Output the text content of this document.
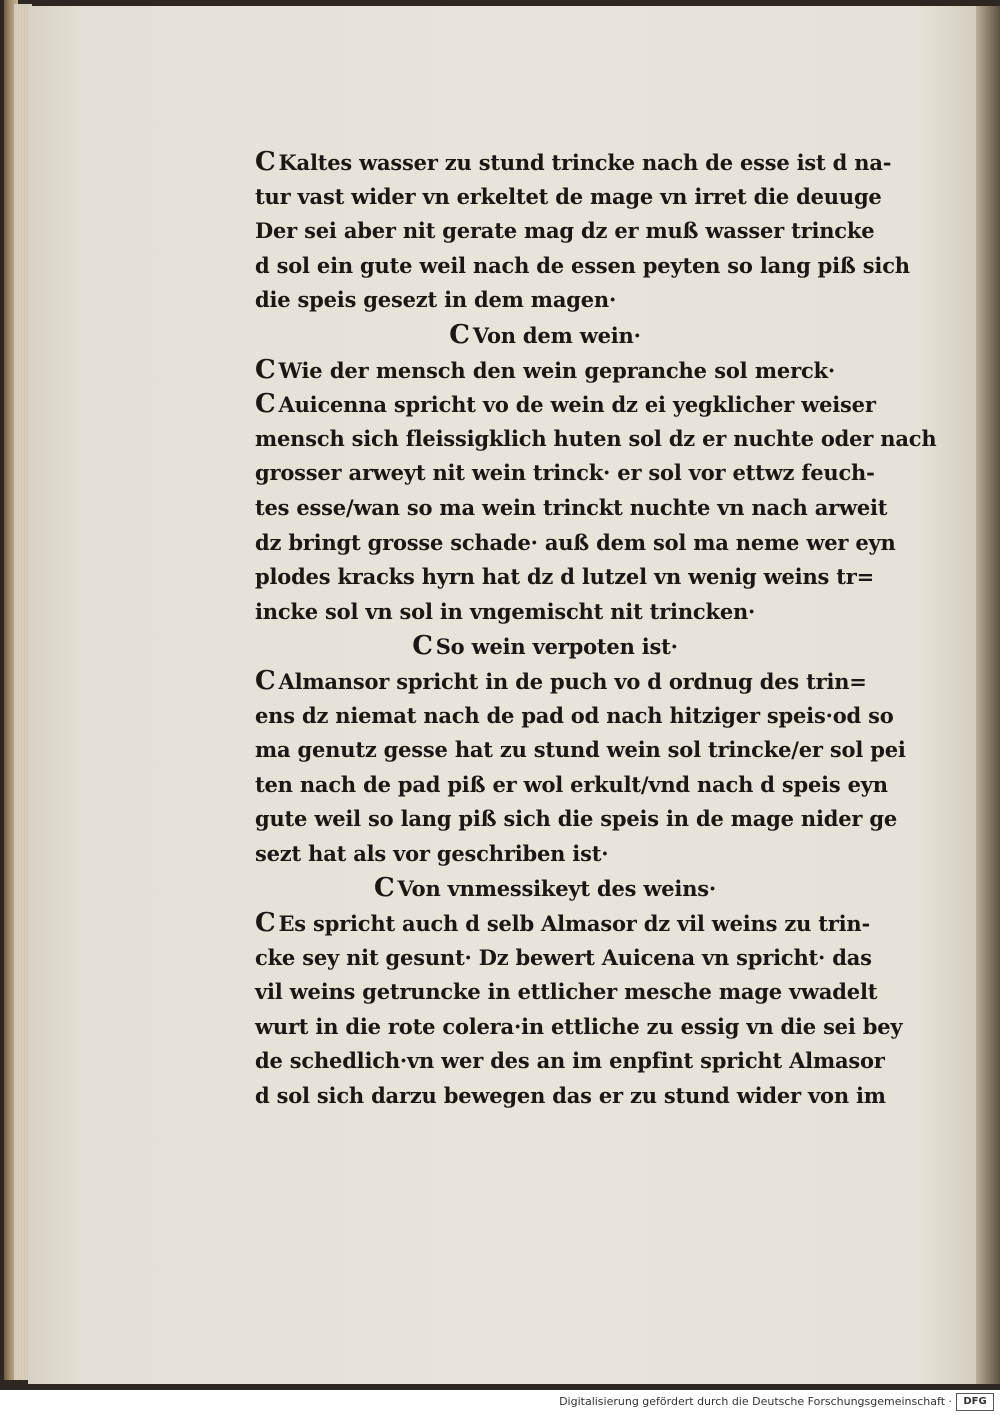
C Kaltes wasser zu stund trincke nach de esse ist d na-
tur vast wider vn erkeltet de mage vn irret die deuuge
Der sei aber nit gerate mag dz er muß wasser trincke
d sol ein gute weil nach de essen peyten so lang piß sich
die speis gesezt in dem magen·
C Von dem wein·
C Wie der mensch den wein gepranche sol merck·
C Auicenna spricht vo de wein dz ei yegklicher weiser
mensch sich fleissigklich huten sol dz er nuchte oder nach
grosser arweyt nit wein trinck· er sol vor ettwz feuch-
tes esse/wan so ma wein trinckt nuchte vn nach arweit
dz bringt grosse schade· auß dem sol ma neme wer eyn
plodes kracks hyrn hat dz d lutzel vn wenig weins tr=
incke sol vn sol in vngemischt nit trincken·
C So wein verpoten ist·
C Almansor spricht in de puch vo d ordnug des trin=
ens dz niemat nach de pad od nach hitziger speis·od so
ma genutz gesse hat zu stund wein sol trincke/er sol pei
ten nach de pad piß er wol erkult/vnd nach d speis eyn
gute weil so lang piß sich die speis in de mage nider ge
sezt hat als vor geschriben ist·
C Von vnmessikeyt des weins·
C Es spricht auch d selb Almasor dz vil weins zu trin-
cke sey nit gesunt· Dz bewert Auicena vn spricht· das
vil weins getruncke in ettlicher mesche mage vwadelt
wurt in die rote colera·in ettliche zu essig vn die sei bey
de schedlich·vn wer des an im enpfint spricht Almasor
d sol sich darzu bewegen das er zu stund wider von im
Digitalisierung gefördert durch die Deutsche Forschungsgemeinschaft ·	DFG
